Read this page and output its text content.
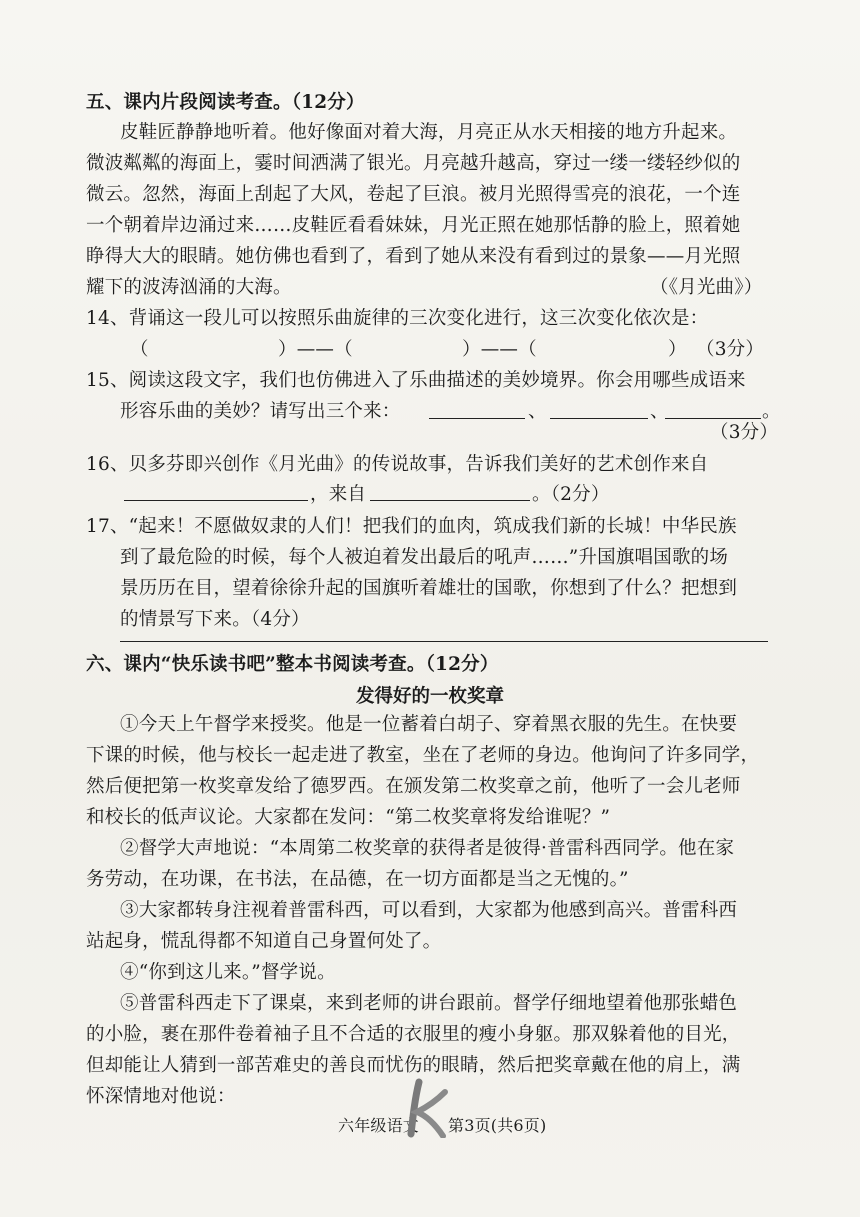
五、课内片段阅读考查。（12分）
皮鞋匠静静地听着。他好像面对着大海，月亮正从水天相接的地方升起来。
微波粼粼的海面上，霎时间洒满了银光。月亮越升越高，穿过一缕一缕轻纱似的
微云。忽然，海面上刮起了大风，卷起了巨浪。被月光照得雪亮的浪花，一个连
一个朝着岸边涌过来……皮鞋匠看看妹妹，月光正照在她那恬静的脸上，照着她
睁得大大的眼睛。她仿佛也看到了，看到了她从来没有看到过的景象——月光照
耀下的波涛汹涌的大海。	（《月光曲》）
14、背诵这一段儿可以按照乐曲旋律的三次变化进行，这三次变化依次是：
（	）——（	）——（	） （3分）
15、阅读这段文字，我们也仿佛进入了乐曲描述的美妙境界。你会用哪些成语来
形容乐曲的美妙？请写出三个来：	、	、	。
（3分）
16、贝多芬即兴创作《月光曲》的传说故事，告诉我们美好的艺术创作来自
，来自	。（2分）
17、“起来！不愿做奴隶的人们！把我们的血肉，筑成我们新的长城！中华民族
到了最危险的时候，每个人被迫着发出最后的吼声……”升国旗唱国歌的场
景历历在目，望着徐徐升起的国旗听着雄壮的国歌，你想到了什么？把想到
的情景写下来。（4分）
六、课内“快乐读书吧”整本书阅读考查。（12分）
发得好的一枚奖章
①今天上午督学来授奖。他是一位蓄着白胡子、穿着黑衣服的先生。在快要
下课的时候，他与校长一起走进了教室，坐在了老师的身边。他询问了许多同学，
然后便把第一枚奖章发给了德罗西。在颁发第二枚奖章之前，他听了一会儿老师
和校长的低声议论。大家都在发问：“第二枚奖章将发给谁呢？”
②督学大声地说：“本周第二枚奖章的获得者是彼得·普雷科西同学。他在家
务劳动，在功课，在书法，在品德，在一切方面都是当之无愧的。”
③大家都转身注视着普雷科西，可以看到，大家都为他感到高兴。普雷科西
站起身，慌乱得都不知道自己身置何处了。
④“你到这儿来。”督学说。
⑤普雷科西走下了课桌，来到老师的讲台跟前。督学仔细地望着他那张蜡色
的小脸，裹在那件卷着袖子且不合适的衣服里的瘦小身躯。那双躲着他的目光，
但却能让人猜到一部苦难史的善良而忧伤的眼睛，然后把奖章戴在他的肩上，满
怀深情地对他说：
六年级语文 第3页(共6页)
